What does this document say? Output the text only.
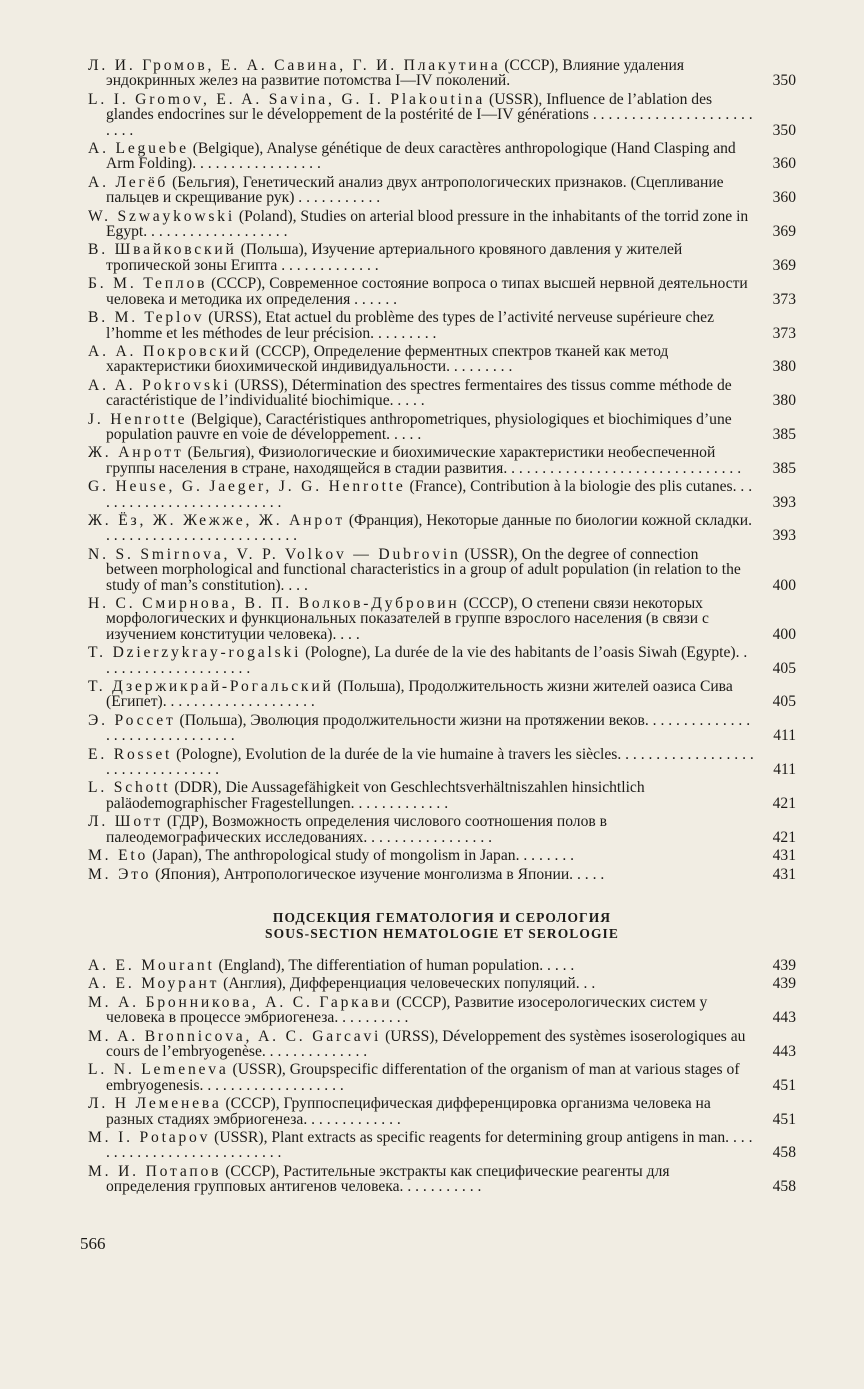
Л. И. Громов, Е. А. Савина, Г. И. Плакутина (СССР), Влияние удаления эндокринных желез на развитие потомства I—IV поколений.	350
L. I. Gromov, E. A. Savina, G. I. Plakoutina (USSR), Influence de l’ablation des glandes endocrines sur le développement de la postérité de I—IV générations . . . . . . . . . . . . . . . . . . . . . . . . .	350
A. Leguebe (Belgique), Analyse génétique de deux caractères anthropologique (Hand Clasping and Arm Folding). . . . . . . . . . . . . . . . .	360
А. Легёб (Бельгия), Генетический анализ двух антропологических признаков. (Сцепливание пальцев и скрещивание рук) . . . . . . . . . . .	360
W. Szwaykowski (Poland), Studies on arterial blood pressure in the inhabitants of the torrid zone in Egypt. . . . . . . . . . . . . . . . . . .	369
В. Швайковский (Польша), Изучение артериального кровяного давления у жителей тропической зоны Египта . . . . . . . . . . . . .	369
Б. М. Теплов (СССР), Современное состояние вопроса о типах высшей нервной деятельности человека и методика их определения . . . . . .	373
B. M. Teplov (URSS), Etat actuel du problème des types de l’activité nerveuse supérieure chez l’homme et les méthodes de leur précision. . . . . . . . .	373
А. А. Покровский (СССР), Определение ферментных спектров тканей как метод характеристики биохимической индивидуальности. . . . . . . . .	380
A. A. Pokrovski (URSS), Détermination des spectres fermentaires des tissus comme méthode de caractéristique de l’individualité biochimique. . . . .	380
J. Henrotte (Belgique), Caractéristiques anthropometriques, physiologiques et biochimiques d’une population pauvre en voie de développement. . . . .	385
Ж. Анротт (Бельгия), Физиологические и биохимические характеристики необеспеченной группы населения в стране, находящейся в стадии развития. . . . . . . . . . . . . . . . . . . . . . . . . . . . . . .	385
G. Heuse, G. Jaeger, J. G. Henrotte (France), Contribution à la biologie des plis cutanes. . . . . . . . . . . . . . . . . . . . . . . . . .	393
Ж. Ёз, Ж. Жежже, Ж. Анрот (Франция), Некоторые данные по биологии кожной складки. . . . . . . . . . . . . . . . . . . . . . . . . .	393
N. S. Smirnova, V. P. Volkov — Dubrovin (USSR), On the degree of connection between morphological and functional characteristics in a group of adult population (in relation to the study of man’s constitution). . . .	400
Н. С. Смирнова, В. П. Волков-Дубровин (СССР), О степени связи некоторых морфологических и функциональных показателей в группе взрослого населения (в связи с изучением конституции человека). . . .	400
T. Dzierzykray-rogalski (Pologne), La durée de la vie des habitants de l’oasis Siwah (Egypte). . . . . . . . . . . . . . . . . . . . .	405
Т. Дзержикрай-Рогальский (Польша), Продолжительность жизни жителей оазиса Сива (Египет). . . . . . . . . . . . . . . . . . . .	405
Э. Россет (Польша), Эволюция продолжительности жизни на протяжении веков. . . . . . . . . . . . . . . . . . . . . . . . . . . . . . .	411
E. Rosset (Pologne), Evolution de la durée de la vie humaine à travers les siècles. . . . . . . . . . . . . . . . . . . . . . . . . . . . . . . . .	411
L. Schott (DDR), Die Aussagefähigkeit von Geschlechtsverhältniszahlen hinsichtlich paläodemographischer Fragestellungen. . . . . . . . . . . . .	421
Л. Шотт (ГДР), Возможность определения числового соотношения полов в палеодемографических исследованиях. . . . . . . . . . . . . . . . .	421
M. Eto (Japan), The anthropological study of mongolism in Japan. . . . . . . .	431
М. Это (Япония), Антропологическое изучение монголизма в Японии. . . . .	431

ПОДСЕКЦИЯ ГЕМАТОЛОГИЯ И СЕРОЛОГИЯ

SOUS-SECTION HEMATOLOGIE ET SEROLOGIE

A. E. Mourant (England), The differentiation of human population. . . . .	439
А. Е. Моурант (Англия), Дифференциация человеческих популяций. . .	439
М. А. Бронникова, А. С. Гаркави (СССР), Развитие изосерологических систем у человека в процессе эмбриогенеза. . . . . . . . . .	443
M. A. Bronnicova, A. C. Garcavi (URSS), Développement des systèmes isoserologiques au cours de l’embryogenèse. . . . . . . . . . . . . .	443
L. N. Lemeneva (USSR), Groupspecific differentation of the organism of man at various stages of embryogenesis. . . . . . . . . . . . . . . . . . .	451
Л. Н Леменева (СССР), Группоспецифическая дифференцировка организма человека на разных стадиях эмбриогенеза. . . . . . . . . . . . .	451
M. I. Potapov (USSR), Plant extracts as specific reagents for determining group antigens in man. . . . . . . . . . . . . . . . . . . . . . . . . . .	458
М. И. Потапов (СССР), Растительные экстракты как специфические реагенты для определения групповых антигенов человека. . . . . . . . . . .	458
566
